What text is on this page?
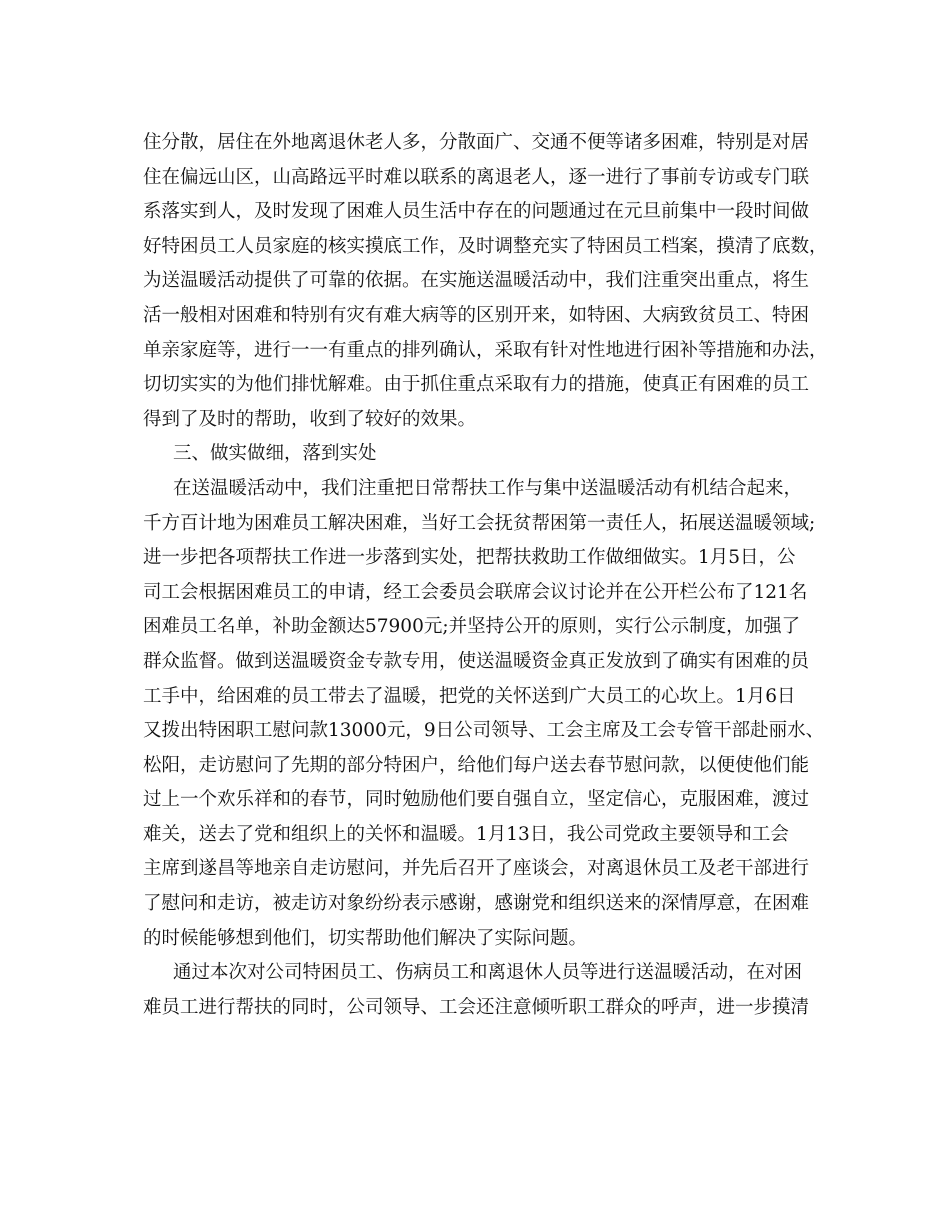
住分散，居住在外地离退休老人多，分散面广、交通不便等诸多困难，特别是对居
住在偏远山区，山高路远平时难以联系的离退老人，逐一进行了事前专访或专门联
系落实到人，及时发现了困难人员生活中存在的问题通过在元旦前集中一段时间做
好特困员工人员家庭的核实摸底工作，及时调整充实了特困员工档案，摸清了底数，
为送温暖活动提供了可靠的依据。在实施送温暖活动中，我们注重突出重点，将生
活一般相对困难和特别有灾有难大病等的区别开来，如特困、大病致贫员工、特困
单亲家庭等，进行一一有重点的排列确认，采取有针对性地进行困补等措施和办法，
切切实实的为他们排忧解难。由于抓住重点采取有力的措施，使真正有困难的员工
得到了及时的帮助，收到了较好的效果。
三、做实做细，落到实处
在送温暖活动中，我们注重把日常帮扶工作与集中送温暖活动有机结合起来，
千方百计地为困难员工解决困难，当好工会抚贫帮困第一责任人，拓展送温暖领域;
进一步把各项帮扶工作进一步落到实处，把帮扶救助工作做细做实。1月5日，公
司工会根据困难员工的申请，经工会委员会联席会议讨论并在公开栏公布了121名
困难员工名单，补助金额达57900元;并坚持公开的原则，实行公示制度，加强了
群众监督。做到送温暖资金专款专用，使送温暖资金真正发放到了确实有困难的员
工手中，给困难的员工带去了温暖，把党的关怀送到广大员工的心坎上。1月6日
又拨出特困职工慰问款13000元，9日公司领导、工会主席及工会专管干部赴丽水、
松阳，走访慰问了先期的部分特困户，给他们每户送去春节慰问款，以便使他们能
过上一个欢乐祥和的春节，同时勉励他们要自强自立，坚定信心，克服困难，渡过
难关，送去了党和组织上的关怀和温暖。1月13日，我公司党政主要领导和工会
主席到遂昌等地亲自走访慰问，并先后召开了座谈会，对离退休员工及老干部进行
了慰问和走访，被走访对象纷纷表示感谢，感谢党和组织送来的深情厚意，在困难
的时候能够想到他们，切实帮助他们解决了实际问题。
通过本次对公司特困员工、伤病员工和离退休人员等进行送温暖活动，在对困
难员工进行帮扶的同时，公司领导、工会还注意倾听职工群众的呼声，进一步摸清
